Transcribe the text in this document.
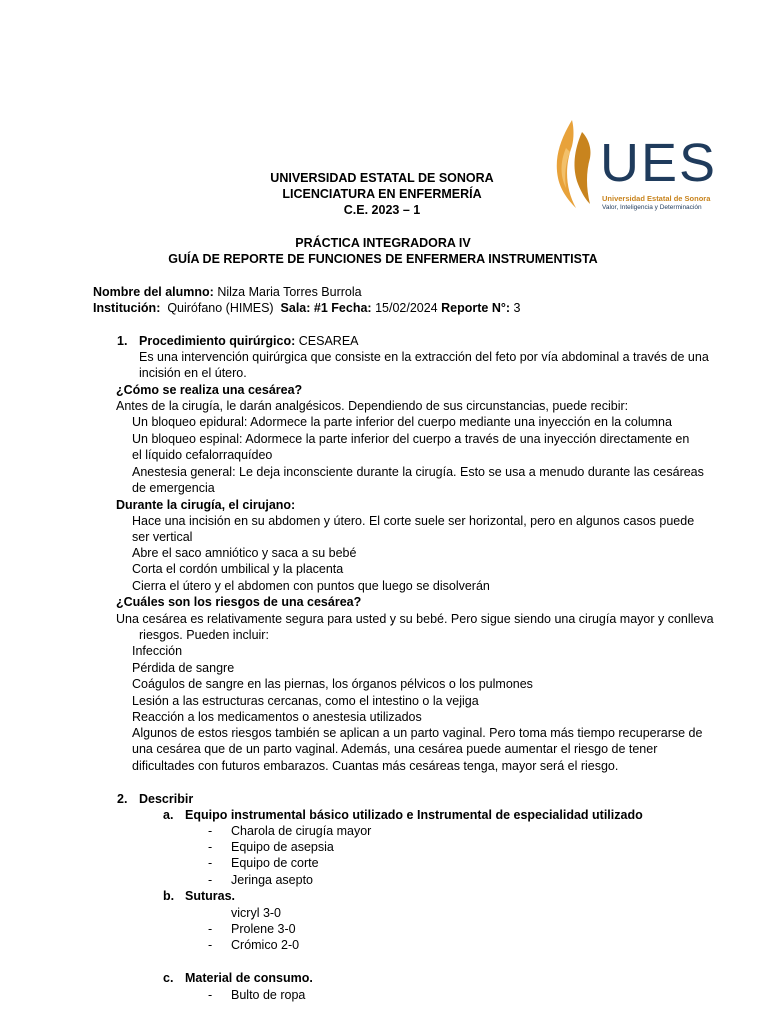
UES
Universidad Estatal de Sonora
Valor, Inteligencia y Determinación
UNIVERSIDAD ESTATAL DE SONORA
LICENCIATURA EN ENFERMERÍA
C.E. 2023 – 1
PRÁCTICA INTEGRADORA IV
GUÍA DE REPORTE DE FUNCIONES DE ENFERMERA INSTRUMENTISTA
Nombre del alumno: Nilza Maria Torres Burrola
Institución: Quirófano (HIMES) Sala: #1 Fecha: 15/02/2024 Reporte N°: 3
1. Procedimiento quirúrgico: CESAREA
Es una intervención quirúrgica que consiste en la extracción del feto por vía abdominal a través de una
incisión en el útero.
¿Cómo se realiza una cesárea?
Antes de la cirugía, le darán analgésicos. Dependiendo de sus circunstancias, puede recibir:
Un bloqueo epidural: Adormece la parte inferior del cuerpo mediante una inyección en la columna
Un bloqueo espinal: Adormece la parte inferior del cuerpo a través de una inyección directamente en
el líquido cefalorraquídeo
Anestesia general: Le deja inconsciente durante la cirugía. Esto se usa a menudo durante las cesáreas
de emergencia
Durante la cirugía, el cirujano:
Hace una incisión en su abdomen y útero. El corte suele ser horizontal, pero en algunos casos puede
ser vertical
Abre el saco amniótico y saca a su bebé
Corta el cordón umbilical y la placenta
Cierra el útero y el abdomen con puntos que luego se disolverán
¿Cuáles son los riesgos de una cesárea?
Una cesárea es relativamente segura para usted y su bebé. Pero sigue siendo una cirugía mayor y conlleva
riesgos. Pueden incluir:
Infección
Pérdida de sangre
Coágulos de sangre en las piernas, los órganos pélvicos o los pulmones
Lesión a las estructuras cercanas, como el intestino o la vejiga
Reacción a los medicamentos o anestesia utilizados
Algunos de estos riesgos también se aplican a un parto vaginal. Pero toma más tiempo recuperarse de
una cesárea que de un parto vaginal. Además, una cesárea puede aumentar el riesgo de tener
dificultades con futuros embarazos. Cuantas más cesáreas tenga, mayor será el riesgo.
2. Describir
a. Equipo instrumental básico utilizado e Instrumental de especialidad utilizado
- Charola de cirugía mayor
- Equipo de asepsia
- Equipo de corte
- Jeringa asepto
b. Suturas.
vicryl 3-0
- Prolene 3-0
- Crómico 2-0
c. Material de consumo.
- Bulto de ropa
